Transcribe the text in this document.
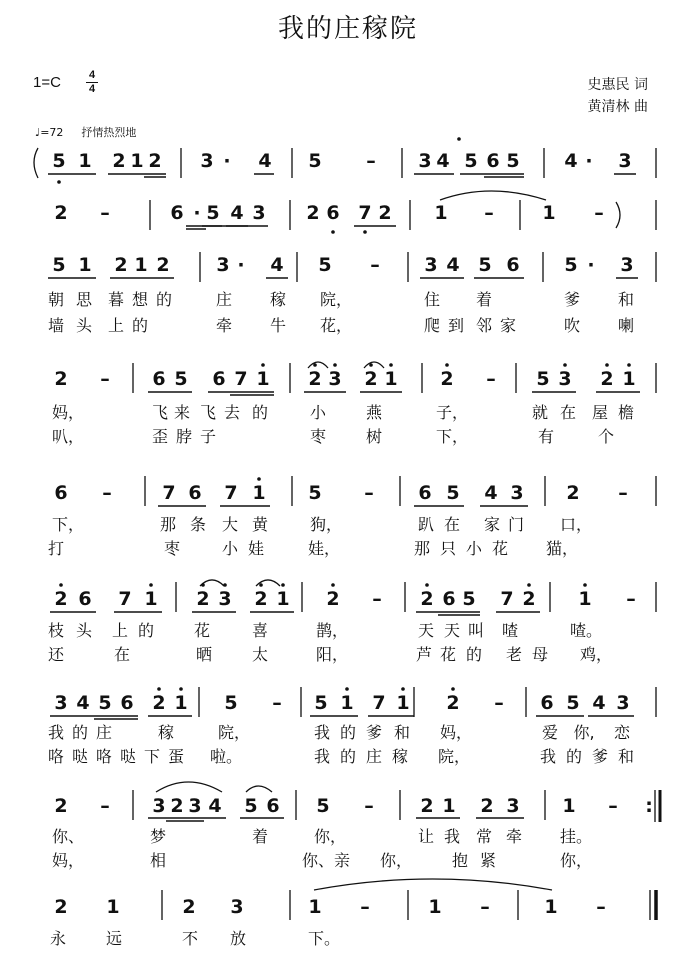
我的庄稼院
1=C	4
4	史惠民 词
黄清林 曲
♩=72 抒情热烈地
5 1 2 1 2 3 · 4 5 – 3 4 5 6 5 4 · 3
2 –	6 · 5 4 3 2 6 7 2 1 –	1 –
5 1 2 1 2 3 · 4 5 – 3 4 5 6 5 · 3
朝 思 暮 想 的	庄 稼	院，	住 着	爹 和
墙 头 上 的	牵 牛	花，	爬 到 邻 家	吹 喇
2 – 6 5 6 7 1 2 3 2 1 2 – 5 3 2 1
妈，	飞 来 飞 去 的	小 燕	子，	就 在 屋 檐
叭，	歪 脖 子	枣 树	下，	有	个
6 –	7 6 7 1 5 – 6 5 4 3 2 –
下，	那 条 大 黄	狗，	趴 在 家 门	口，
打	枣	小 娃	娃，	那 只 小 花	猫，
2 6 7 1 2 3 2 1 2 – 2 6 5 7 2 1 –
枝 头 上 的 花	喜	鹊，	天 天 叫 喳	喳。
还	在	晒 太	阳，	芦 花 的 老 母	鸡，
3 4 5 6 2 1 5 – 5 1 7 1 2 – 6 5 4 3
我 的 庄	稼	院，	我 的 爹 和	妈，	爱 你,	恋
咯 哒 咯 哒 下 蛋	啦。	我 的 庄 稼	院，	我 的 爹 和
2 – 3 2 3 4 5 6 5 – 2 1 2 3 1 – :
你、	梦	着	你，	让 我 常 牵	挂。
妈，	相	你、亲	你，	抱 紧	你，
2 1	2 3	1 –	1 –	1 –
永 远	不 放	下。
